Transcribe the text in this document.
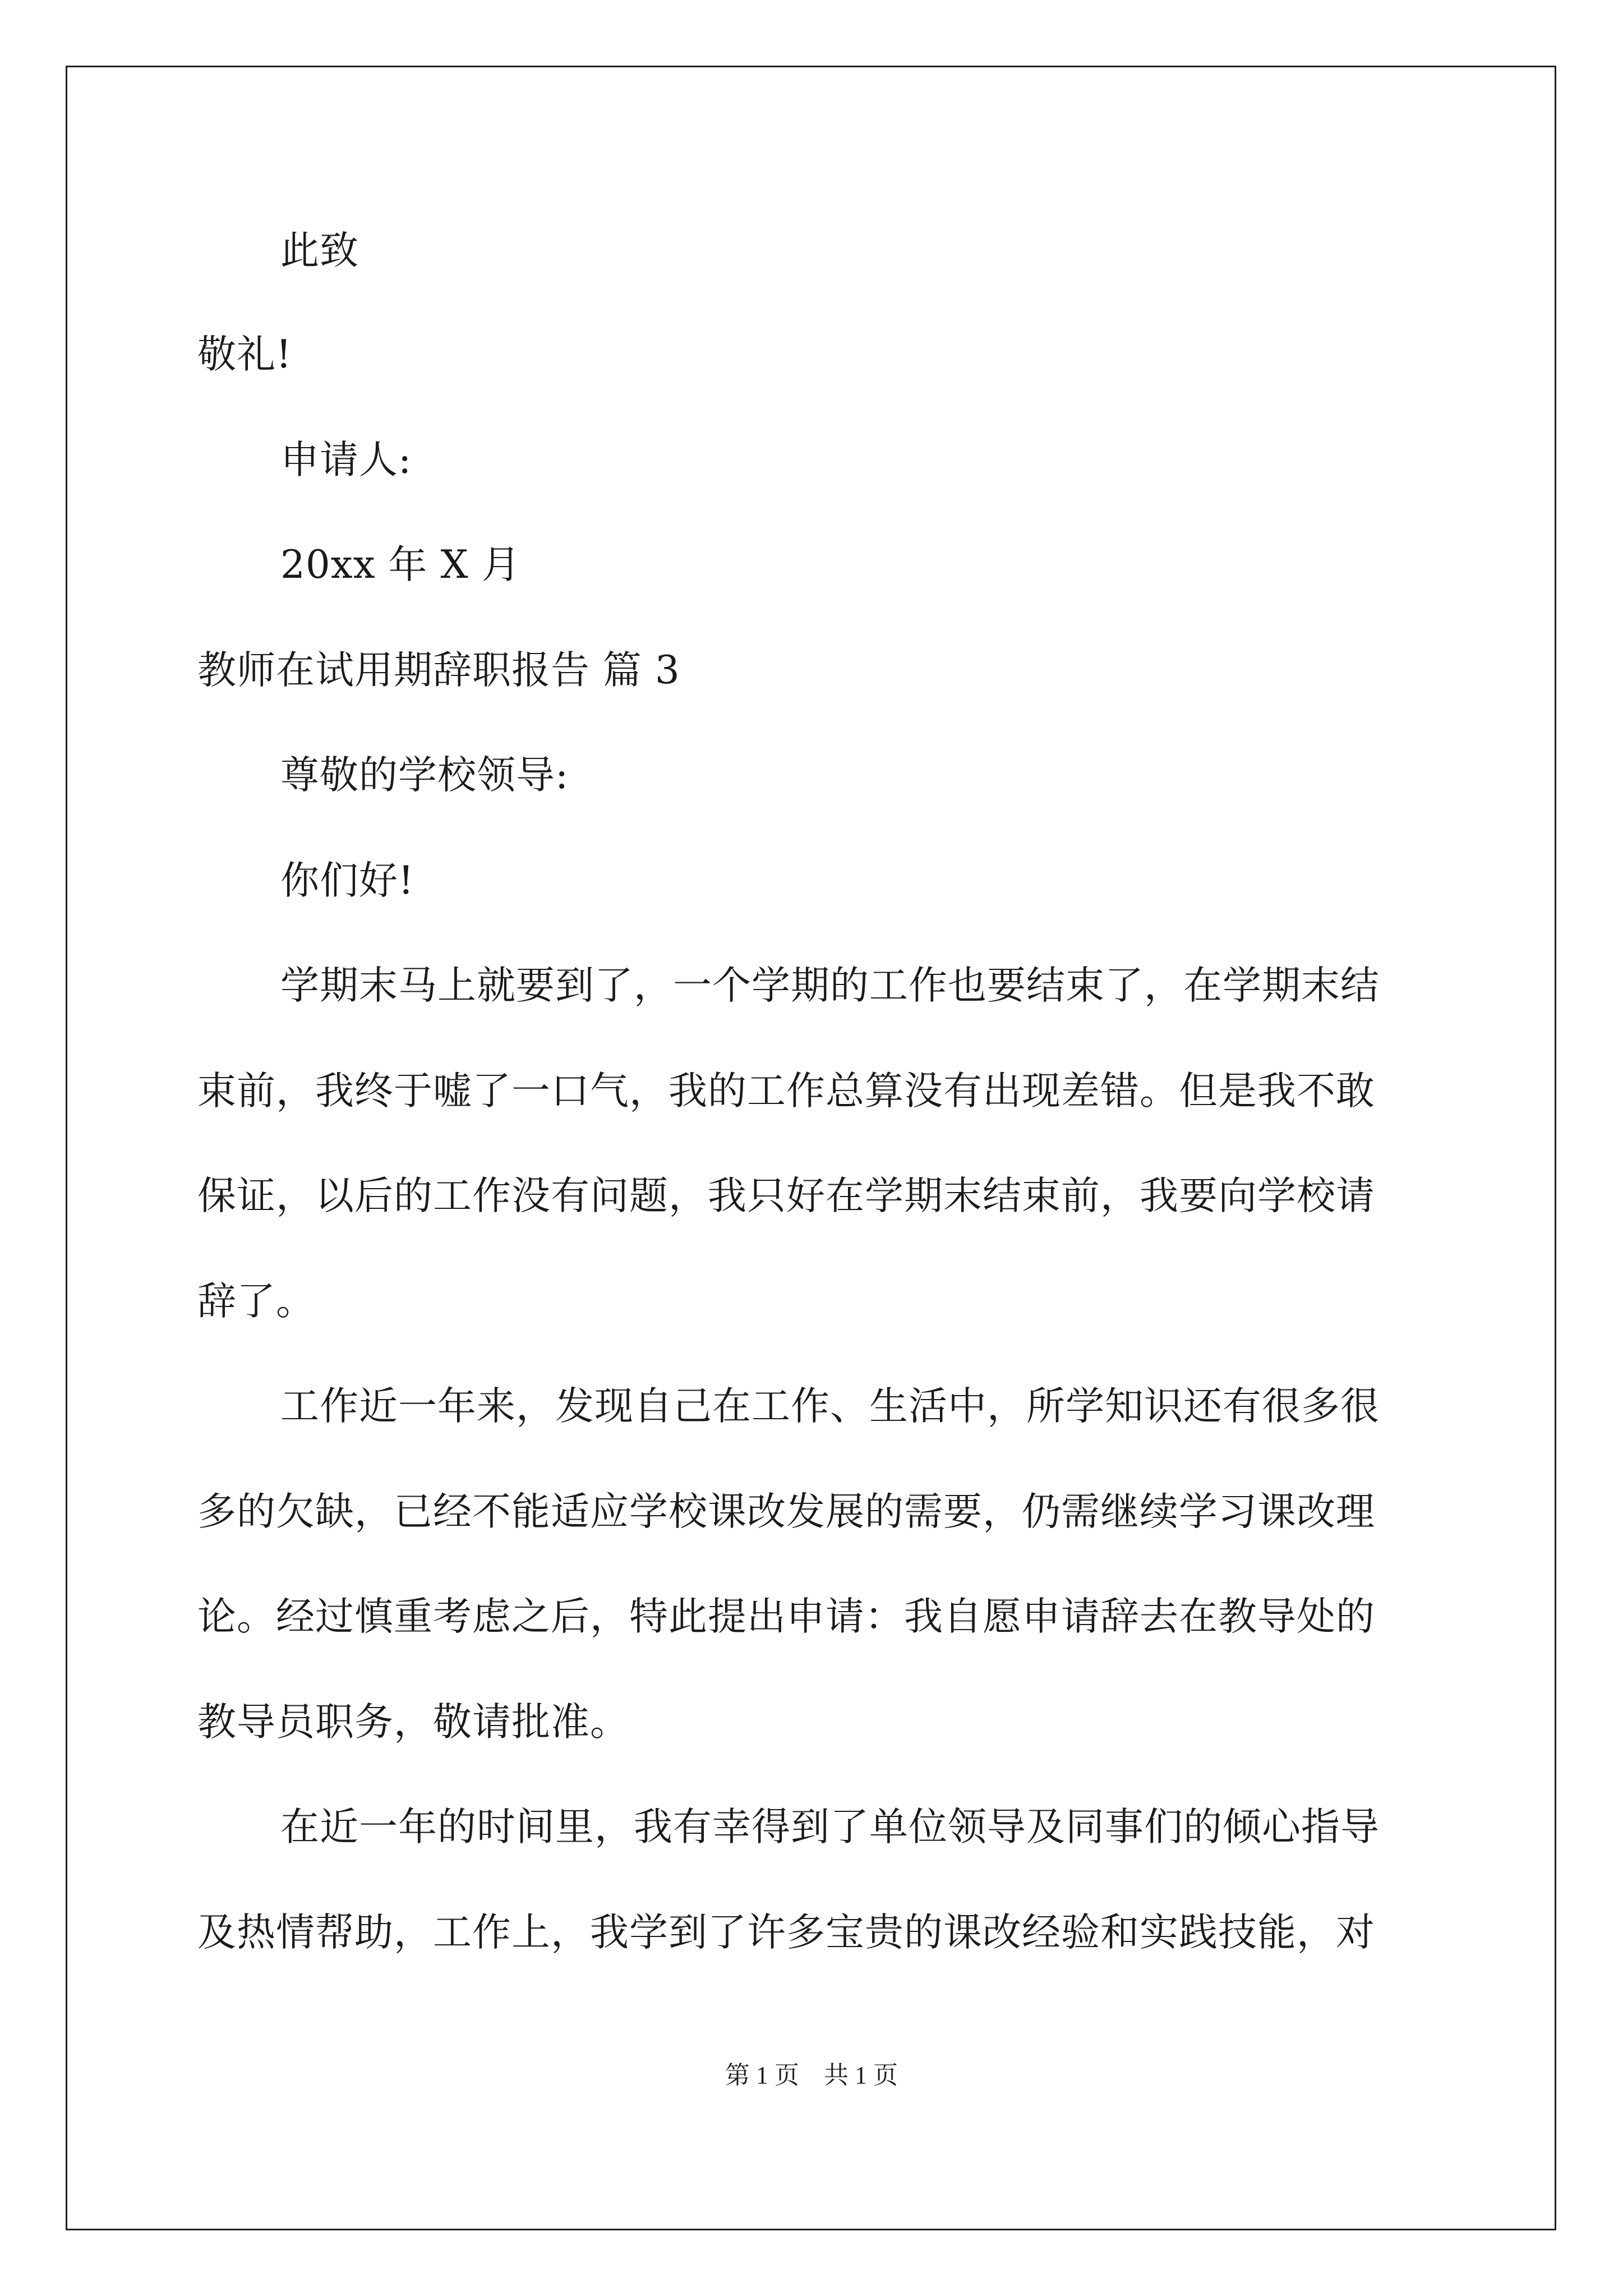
此致
敬礼!
申请人:
20xx 年 X 月
教师在试用期辞职报告 篇 3
尊敬的学校领导:
你们好!
学期末马上就要到了，一个学期的工作也要结束了，在学期末结
束前，我终于嘘了一口气，我的工作总算没有出现差错。但是我不敢
保证，以后的工作没有问题，我只好在学期末结束前，我要向学校请
辞了。
工作近一年来，发现自己在工作、生活中，所学知识还有很多很
多的欠缺，已经不能适应学校课改发展的需要，仍需继续学习课改理
论。经过慎重考虑之后，特此提出申请：我自愿申请辞去在教导处的
教导员职务，敬请批准。
在近一年的时间里，我有幸得到了单位领导及同事们的倾心指导
及热情帮助，工作上，我学到了许多宝贵的课改经验和实践技能，对
第 1 页　共 1 页
